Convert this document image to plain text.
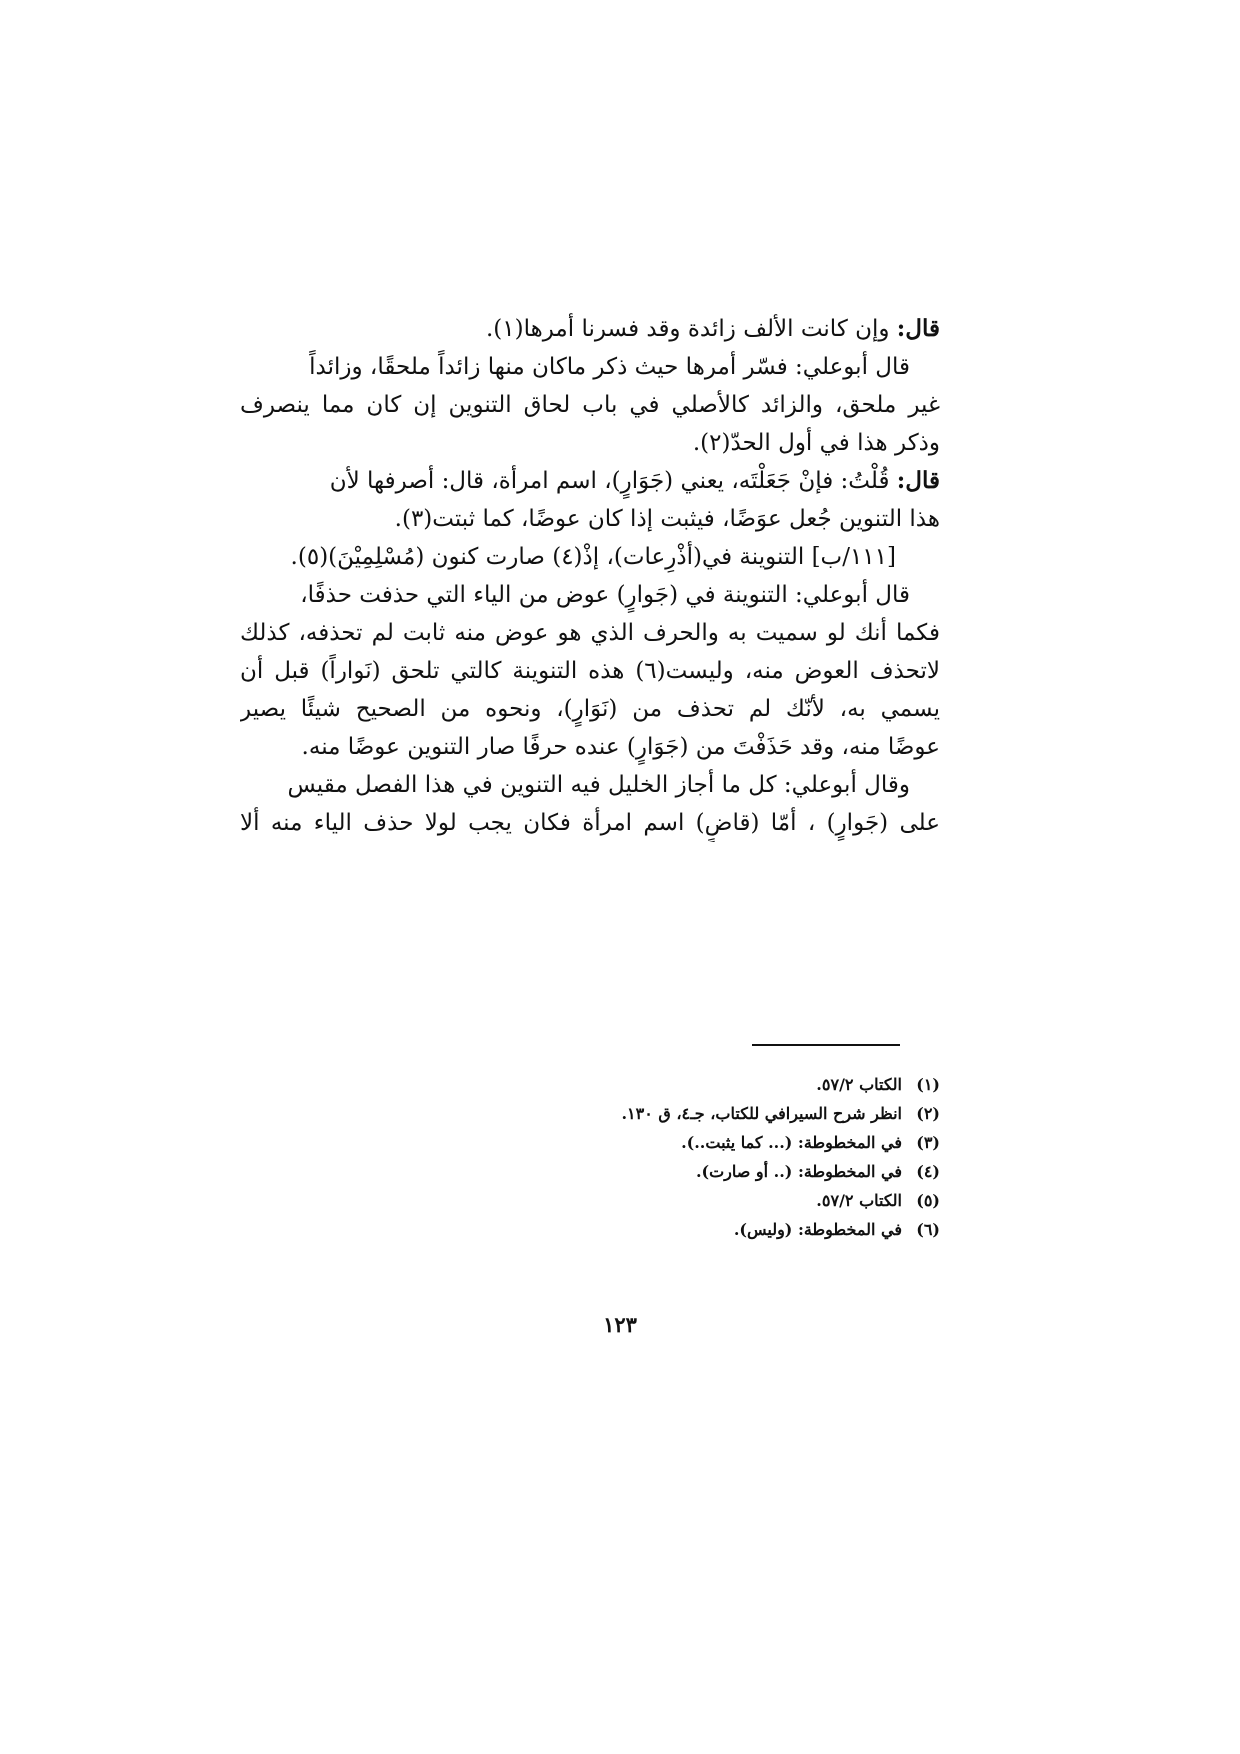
قال: وإن كانت الألف زائدة وقد فسرنا أمرها(١).
قال أبوعلي: فسّر أمرها حيث ذكر ماكان منها زائداً ملحقًا، وزائداً
غير ملحق، والزائد كالأصلي في باب لحاق التنوين إن كان مما ينصرف
وذكر هذا في أول الحدّ(٢).
قال: قُلْتُ: فإنْ جَعَلْتَه، يعني (جَوَارٍ)، اسم امرأة، قال: أصرفها لأن
هذا التنوين جُعل عوَضًا، فيثبت إذا كان عوضًا، كما ثبتت(٣).
[١١١/ب] التنوينة في(أذْرِعات)، إذْ(٤) صارت كنون (مُسْلِمِيْنَ)(٥).
قال أبوعلي: التنوينة في (جَوارٍ) عوض من الياء التي حذفت حذفًا،
فكما أنك لو سميت به والحرف الذي هو عوض منه ثابت لم تحذفه، كذلك
لاتحذف العوض منه، وليست(٦) هذه التنوينة كالتي تلحق (نَواراً) قبل أن
يسمي به، لأنّك لم تحذف من (نَوَارٍ)، ونحوه من الصحيح شيئًا يصير
عوضًا منه، وقد حَذَفْتَ من (جَوَارٍ) عنده حرفًا صار التنوين عوضًا منه.
وقال أبوعلي: كل ما أجاز الخليل فيه التنوين في هذا الفصل مقيس
على (جَوارٍ) ، أمّا (قاضٍ) اسم امرأة فكان يجب لولا حذف الياء منه ألا
(١)الكتاب ٥٧/٢.
(٢)انظر شرح السيرافي للكتاب، جـ٤، ق ١٣٠.
(٣)في المخطوطة: (... كما يثبت..).
(٤)في المخطوطة: (.. أو صارت).
(٥)الكتاب ٥٧/٢.
(٦)في المخطوطة: (وليس).
١٢٣
